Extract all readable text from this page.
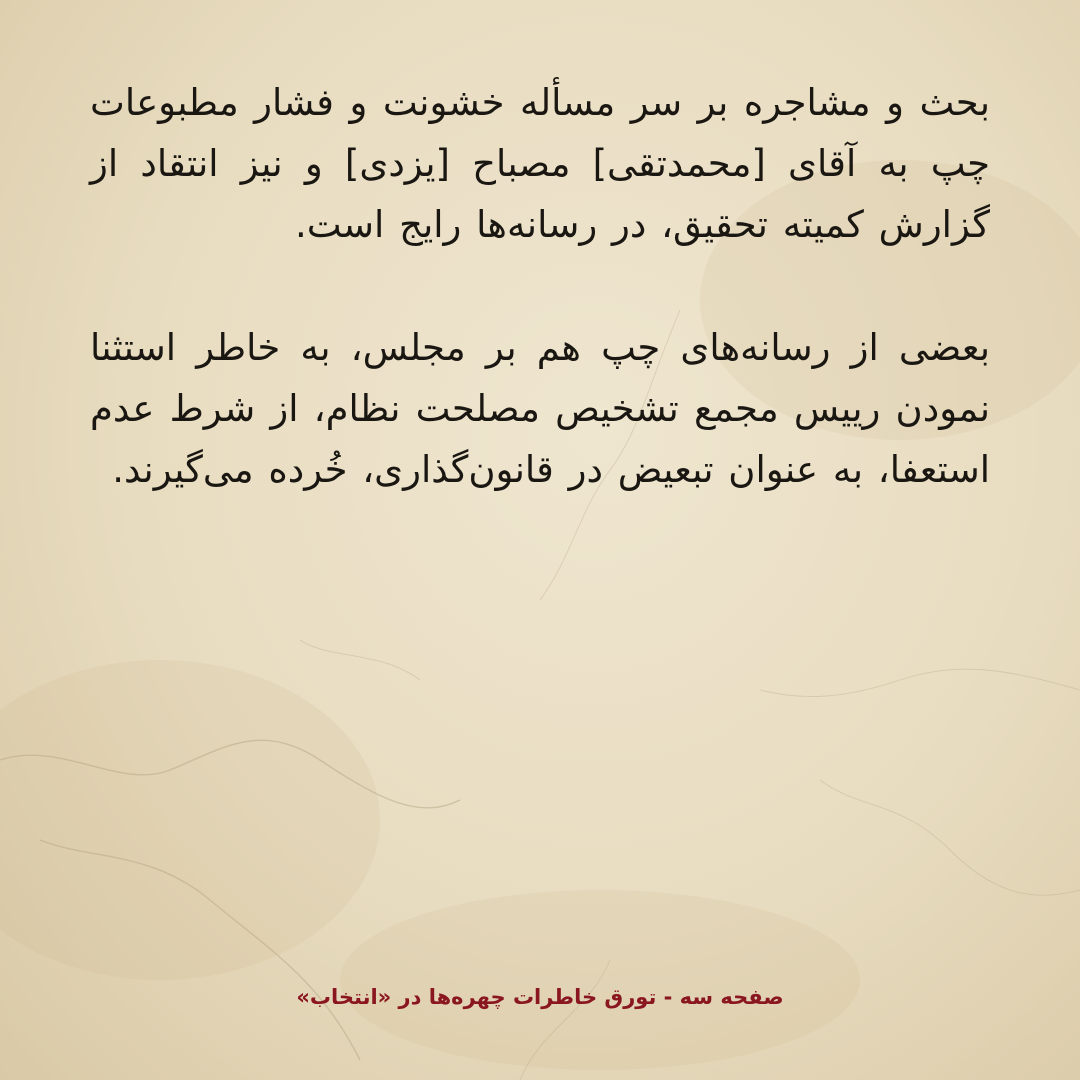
بحث و مشاجره بر سر مسأله خشونت و فشار مطبوعات چپ به آقای [محمدتقی] مصباح [یزدی] و نیز انتقاد از گزارش کمیته تحقیق، در رسانه‌ها رایج است.

بعضی از رسانه‌های چپ هم بر مجلس، به خاطر استثنا نمودن رییس مجمع تشخیص مصلحت نظام، از شرط عدم استعفا، به عنوان تبعیض در قانون‌گذاری، خُرده می‌گیرند.

صفحه سه - تورق خاطرات چهره‌ها در «انتخاب»
